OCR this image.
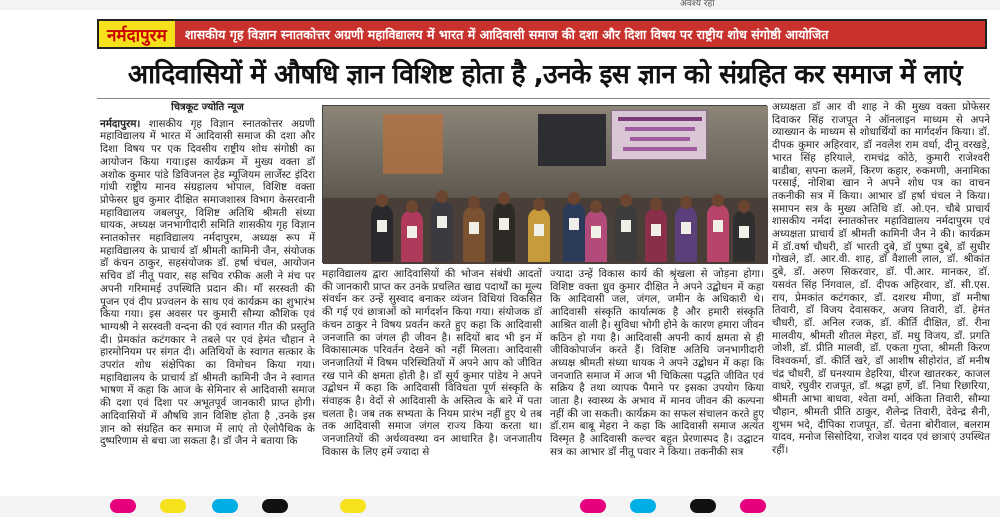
अवश्य रहा
नर्मदापुरम	शासकीय गृह विज्ञान स्नातकोत्तर अग्रणी महाविद्यालय में भारत में आदिवासी समाज की दशा और दिशा विषय पर राष्ट्रीय शोध संगोष्ठी आयोजित
आदिवासियों में औषधि ज्ञान विशिष्ट होता है ,उनके इस ज्ञान को संग्रहित कर समाज में लाएं

चित्रकूट ज्योति न्यूज

नर्मदापुरम। शासकीय गृह विज्ञान स्नातकोत्तर अग्रणी महाविद्यालय में भारत में आदिवासी समाज की दशा और दिशा विषय पर एक दिवसीय राष्ट्रीय शोध संगोष्ठी का आयोजन किया गया।इस कार्यक्रम में मुख्य वक्ता डॉ अशोक कुमार पांडे डिविजनल हेड म्यूजियम लार्जेस्ट इंदिरा गांधी राष्ट्रीय मानव संग्रहालय भोपाल, विशिष्ट वक्ता प्रोफेसर ध्रुव कुमार दीक्षित समाजशास्त्र विभाग केसरवानी महाविद्यालय जबलपुर, विशिष्ट अतिथि श्रीमती संध्या धायक, अध्यक्ष जनभागीदारी समिति शासकीय गृह विज्ञान स्नातकोत्तर महाविद्यालय नर्मदापुरम, अध्यक्ष रूप में महाविद्यालय के प्राचार्य डॉ श्रीमती कामिनी जैन, संयोजक डॉ कंचन ठाकुर, सहसंयोजक डॉ. हर्षा चंचल, आयोजन सचिव डॉ नीतू पवार, सह सचिव रफीक अली ने मंच पर अपनी गरिमामई उपस्थिति प्रदान की। माँ सरस्वती की पूजन एवं दीप प्रज्वलन के साथ एवं कार्यक्रम का शुभारंभ किया गया। इस अवसर पर कुमारी सौम्या कौशिक एवं भाग्यश्री ने सरस्वती वन्दना की एवं स्वागत गीत की प्रस्तुति दी। प्रेमकांत कटंगकार ने तबले पर एवं हेमंत चौहान ने हारमोनियम पर संगत दी। अतिथियों के स्वागत सत्कार के उपरांत शोध संक्षेपिका का विमोचन किया गया। महाविद्यालय के प्राचार्य डॉ श्रीमती कामिनी जैन ने स्वागत भाषण में कहा कि आज के सेमिनार से आदिवासी समाज की दशा एवं दिशा पर अभूतपूर्व जानकारी प्राप्त होगी। आदिवासियों में औषधि ज्ञान विशिष्ट होता है ,उनके इस ज्ञान को संग्रहित कर समाज में लाएं तो ऐलोपैथिक के दुष्परिणाम से बचा जा सकता है। डॉ जैन ने बताया कि

महाविद्यालय द्वारा आदिवासियों की भोजन संबंधी आदतों की जानकारी प्राप्त कर उनके प्रचलित खाद्य पदार्थों का मूल्य संवर्धन कर उन्हें सुस्वाद बनाकर व्यंजन विधियां विकसित की गई एवं छात्राओं को मार्गदर्शन किया गया। संयोजक डॉ कंचन ठाकुर ने विषय प्रवर्तन करते हुए कहा कि आदिवासी जनजाति का जंगल ही जीवन है। सदियों बाद भी इन में विकासात्मक परिवर्तन देखने को नहीं मिलता। आदिवासी जनजातियों में विषम परिस्थितियों में अपने आप को जीवित रख पाने की क्षमता होती है। डॉ सूर्य कुमार पांडेय ने अपने उद्बोधन में कहा कि आदिवासी विविधता पूर्ण संस्कृति के संवाहक है। वेदों से आदिवासी के अस्तित्व के बारे में पता चलता है। जब तक सभ्यता के नियम प्रारंभ नहीं हुए थे तब तक आदिवासी समाज जंगल राज्य किया करता था। जनजातियों की अर्थव्यवस्था वन आधारित है। जनजातीय विकास के लिए हमें ज्यादा से

ज्यादा उन्हें विकास कार्य की श्रृंखला से जोड़ना होगा। विशिष्ट वक्ता ध्रुव कुमार दीक्षित ने अपने उद्बोधन में कहा कि आदिवासी जल, जंगल, जमीन के अधिकारी थे। आदिवासी संस्कृति कार्यात्मक है और हमारी संस्कृति आश्रित वाली है। सुविधा भोगी होने के कारण हमारा जीवन कठिन हो गया है। आदिवासी अपनी कार्य क्षमता से ही जीविकोपार्जन करते हैं। विशिष्ट अतिथि जनभागीदारी अध्यक्ष श्रीमती संध्या धायक ने अपने उद्बोधन में कहा कि जनजाति समाज में आज भी चिकित्सा पद्धति जीवित एवं सक्रिय है तथा व्यापक पैमाने पर इसका उपयोग किया जाता है। स्वास्थ्य के अभाव में मानव जीवन की कल्पना नहीं की जा सकती। कार्यक्रम का सफल संचालन करते हुए डॉ.राम बाबू मेहरा ने कहा कि आदिवासी समाज अत्यंत विस्मृत है आदिवासी कल्चर बहुत प्रेरणास्पद है। उद्घाटन सत्र का आभार डॉ नीतू पवार ने किया। तकनीकी सत्र

अध्यक्षता डॉ आर वी शाह ने की मुख्य वक्ता प्रोफेसर दिवाकर सिंह राजपूत ने ऑनलाइन माध्यम से अपने व्याख्यान के माध्यम से शोधार्थियों का मार्गदर्शन किया। डॉ. दीपक कुमार अहिरवार, डॉ नवलेश राम वर्धा, दीनू वरखड़े, भारत सिंह हरियाले, रामचंद्र कोठे, कुमारी राजेश्वरी बाडीबा, सपना कलमें, किरण कहार, रुकमणी, अनामिका परसाई, नोशिबा खान ने अपने शोध पत्र का वाचन तकनीकी सत्र में किया। आभार डॉ हर्षा चंचल ने किया। समापन सत्र के मुख्य अतिथि डॉ. ओ.एन. चौबे प्राचार्य शासकीय नर्मदा स्नातकोत्तर महाविद्यालय नर्मदापुरम एवं अध्यक्षता प्राचार्य डॉ श्रीमती कामिनी जैन ने की। कार्यक्रम में डॉ.वर्षा चौधरी, डॉ भारती दुबे, डॉ पुष्पा दुबे, डॉ सुधीर गोखले, डॉ. आर.वी. शाह, डॉ वैशाली लाल, डॉ. श्रीकांत दुबे, डॉ. अरुण सिकरवार, डॉ. पी.आर. मानकर, डॉ. यसवंत सिंह निंगवाल, डॉ. दीपक अहिरवार, डॉ. सी.एस. राय, प्रेमकांत कटंगकार, डॉ. दशरथ मीणा, डॉ मनीषा तिवारी, डॉ विजय देवासकर, अजय तिवारी, डॉ. हेमंत चौधरी, डॉ. अनिल रजक, डॉ. कीर्ति दीक्षित, डॉ. रीना मालवीय, श्रीमती शीतल मेहरा, डॉ. मधु विजय, डॉ. प्रगति जोशी, डॉ. प्रीति मालवी, डॉ. एकता गुप्ता, श्रीमती किरण विश्वकर्मा, डॉ. कीर्ति खरे, डॉ आशीष सीहोरांत, डॉ मनीष चंद्र चौधरी, डॉ घनश्याम डेहरिया, धीरज खातरकर, काजल वाधरे, रघुवीर राजपूत, डॉ. श्रद्धा हर्णे, डॉ. निधा रिछारिया, श्रीमती आभा बाधवा, श्वेता वर्मा, अंकिता तिवारी, सौम्या चौहान, श्रीमती प्रीति ठाकुर, शैलेन्द्र तिवारी, देवेन्द्र सैनी, शुभम भदे, दीपिका राजपूत, डॉ. चेतना बोरीवाल, बलराम यादव, मनोज सिसोदिया, राजेश यादव एवं छात्राएं उपस्थित रहीं।
